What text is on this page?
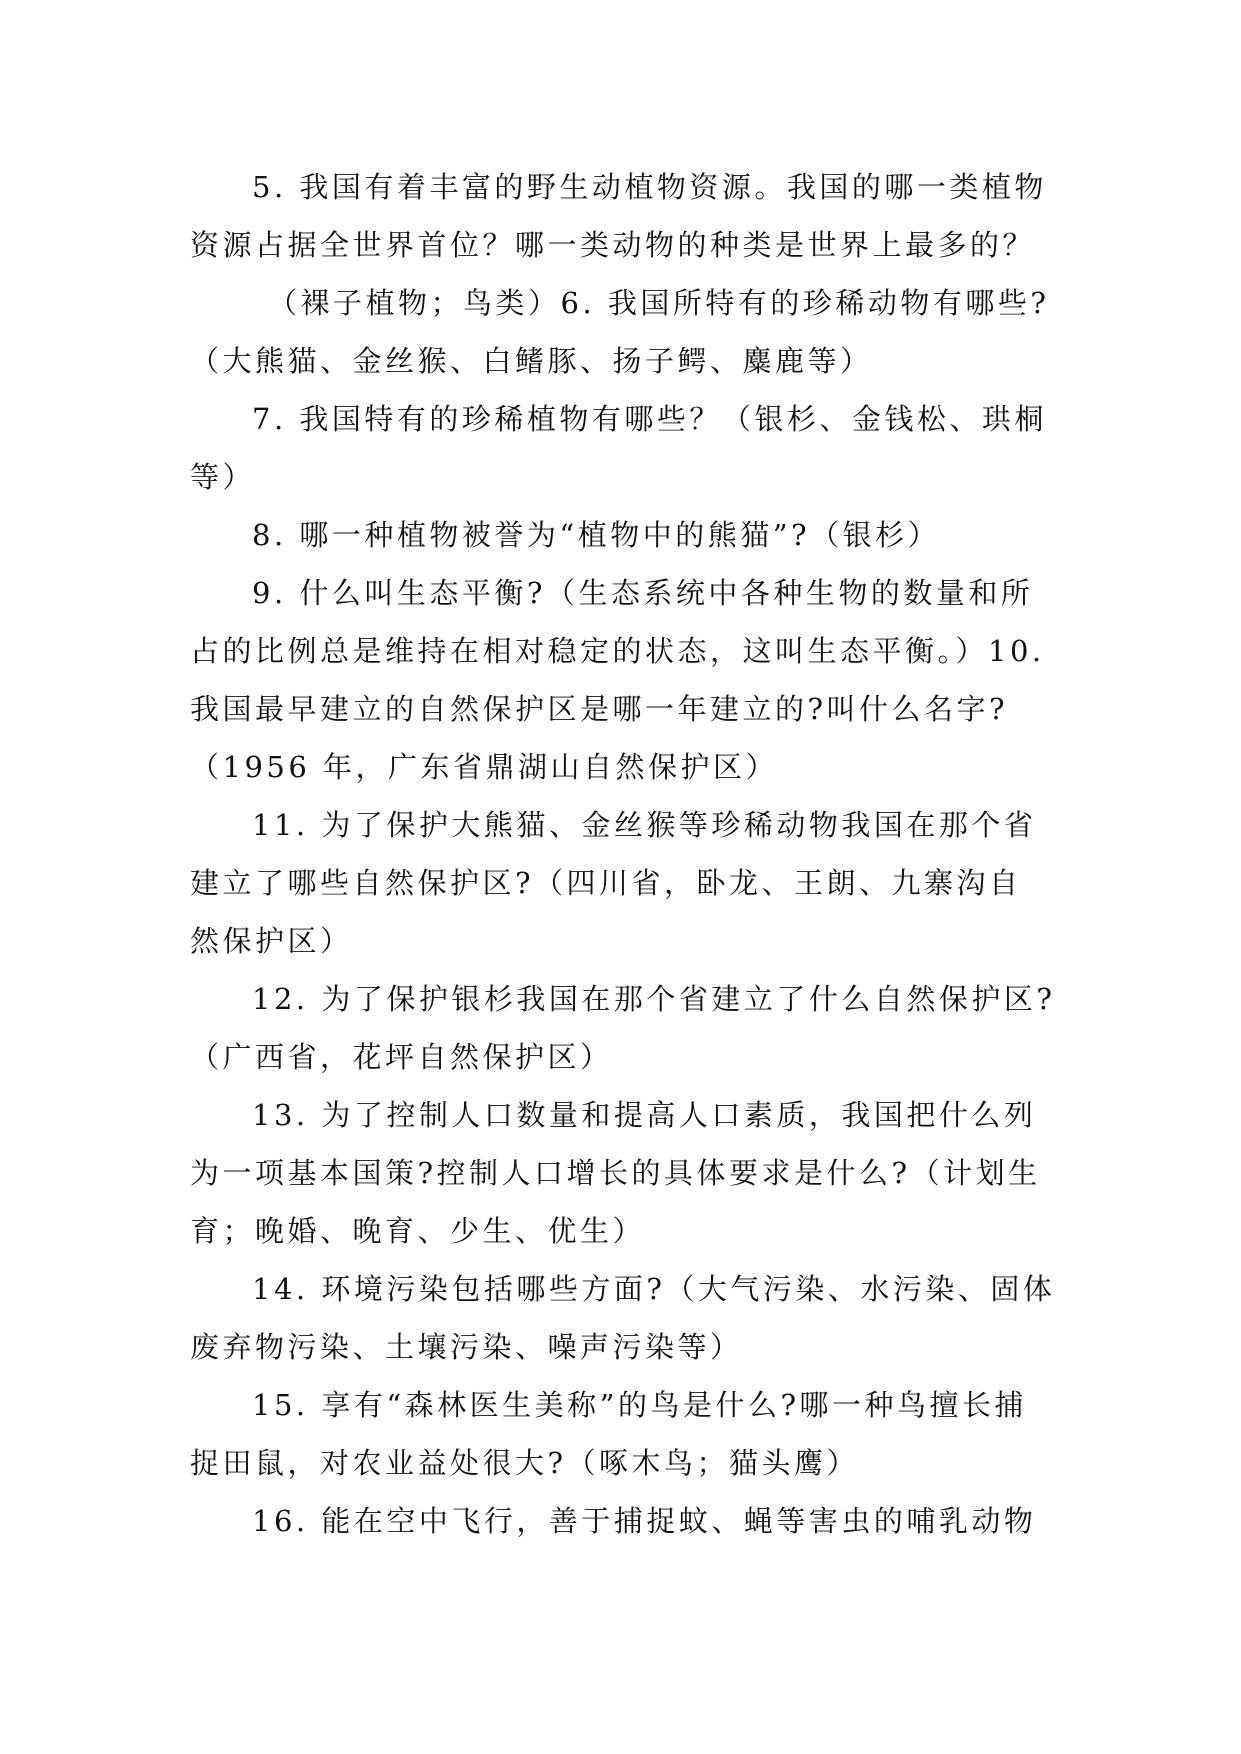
5. 我国有着丰富的野生动植物资源。我国的哪一类植物
资源占据全世界首位？哪一类动物的种类是世界上最多的？
（裸子植物；鸟类）6. 我国所特有的珍稀动物有哪些?
（大熊猫、金丝猴、白鳍豚、扬子鳄、麋鹿等）
7. 我国特有的珍稀植物有哪些？（银杉、金钱松、珙桐
等）
8. 哪一种植物被誉为“植物中的熊猫”?（银杉）
9. 什么叫生态平衡?（生态系统中各种生物的数量和所
占的比例总是维持在相对稳定的状态，这叫生态平衡。）10.
我国最早建立的自然保护区是哪一年建立的?叫什么名字?
（1956 年，广东省鼎湖山自然保护区）
11. 为了保护大熊猫、金丝猴等珍稀动物我国在那个省
建立了哪些自然保护区?（四川省，卧龙、王朗、九寨沟自
然保护区）
12. 为了保护银杉我国在那个省建立了什么自然保护区?
（广西省，花坪自然保护区）
13. 为了控制人口数量和提高人口素质，我国把什么列
为一项基本国策?控制人口增长的具体要求是什么?（计划生
育；晚婚、晚育、少生、优生）
14. 环境污染包括哪些方面?（大气污染、水污染、固体
废弃物污染、土壤污染、噪声污染等）
15. 享有“森林医生美称”的鸟是什么?哪一种鸟擅长捕
捉田鼠，对农业益处很大?（啄木鸟；猫头鹰）
16. 能在空中飞行，善于捕捉蚊、蝇等害虫的哺乳动物
